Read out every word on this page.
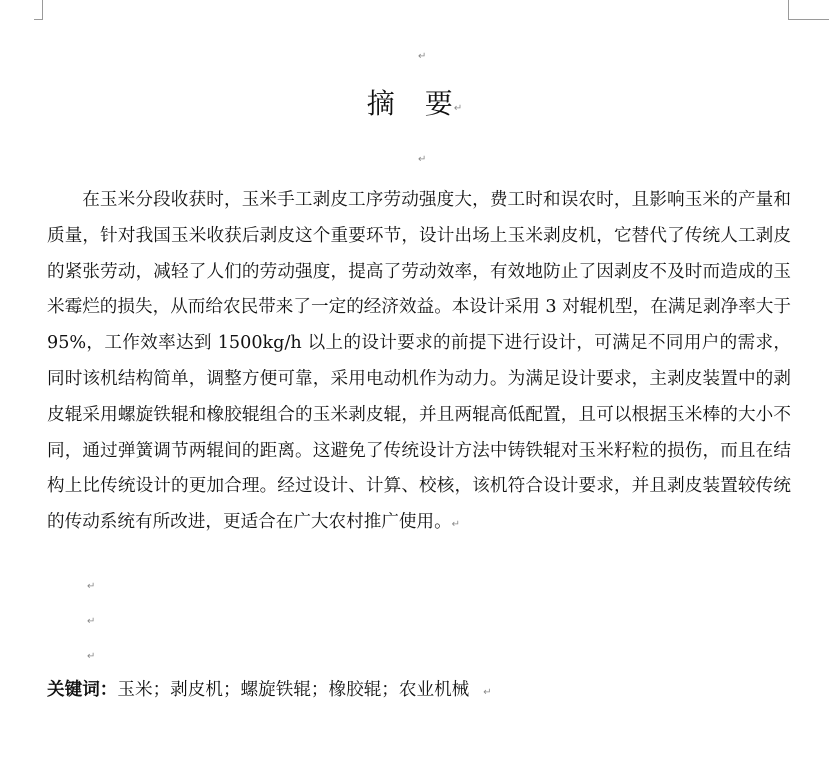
↵
摘 要↵
↵

在玉米分段收获时，玉米手工剥皮工序劳动强度大，费工时和误农时，且影响玉米的产量和质量，针对我国玉米收获后剥皮这个重要环节，设计出场上玉米剥皮机，它替代了传统人工剥皮的紧张劳动，减轻了人们的劳动强度，提高了劳动效率，有效地防止了因剥皮不及时而造成的玉米霉烂的损失，从而给农民带来了一定的经济效益。本设计采用 3 对辊机型，在满足剥净率大于 95%，工作效率达到 1500kg/h 以上的设计要求的前提下进行设计，可满足不同用户的需求，同时该机结构简单，调整方便可靠，采用电动机作为动力。为满足设计要求，主剥皮装置中的剥皮辊采用螺旋铁辊和橡胶辊组合的玉米剥皮辊，并且两辊高低配置，且可以根据玉米棒的大小不同，通过弹簧调节两辊间的距离。这避免了传统设计方法中铸铁辊对玉米籽粒的损伤，而且在结构上比传统设计的更加合理。经过设计、计算、校核，该机符合设计要求，并且剥皮装置较传统的传动系统有所改进，更适合在广大农村推广使用。↵

↵
↵
↵
关键词：玉米；剥皮机；螺旋铁辊；橡胶辊；农业机械 ↵
